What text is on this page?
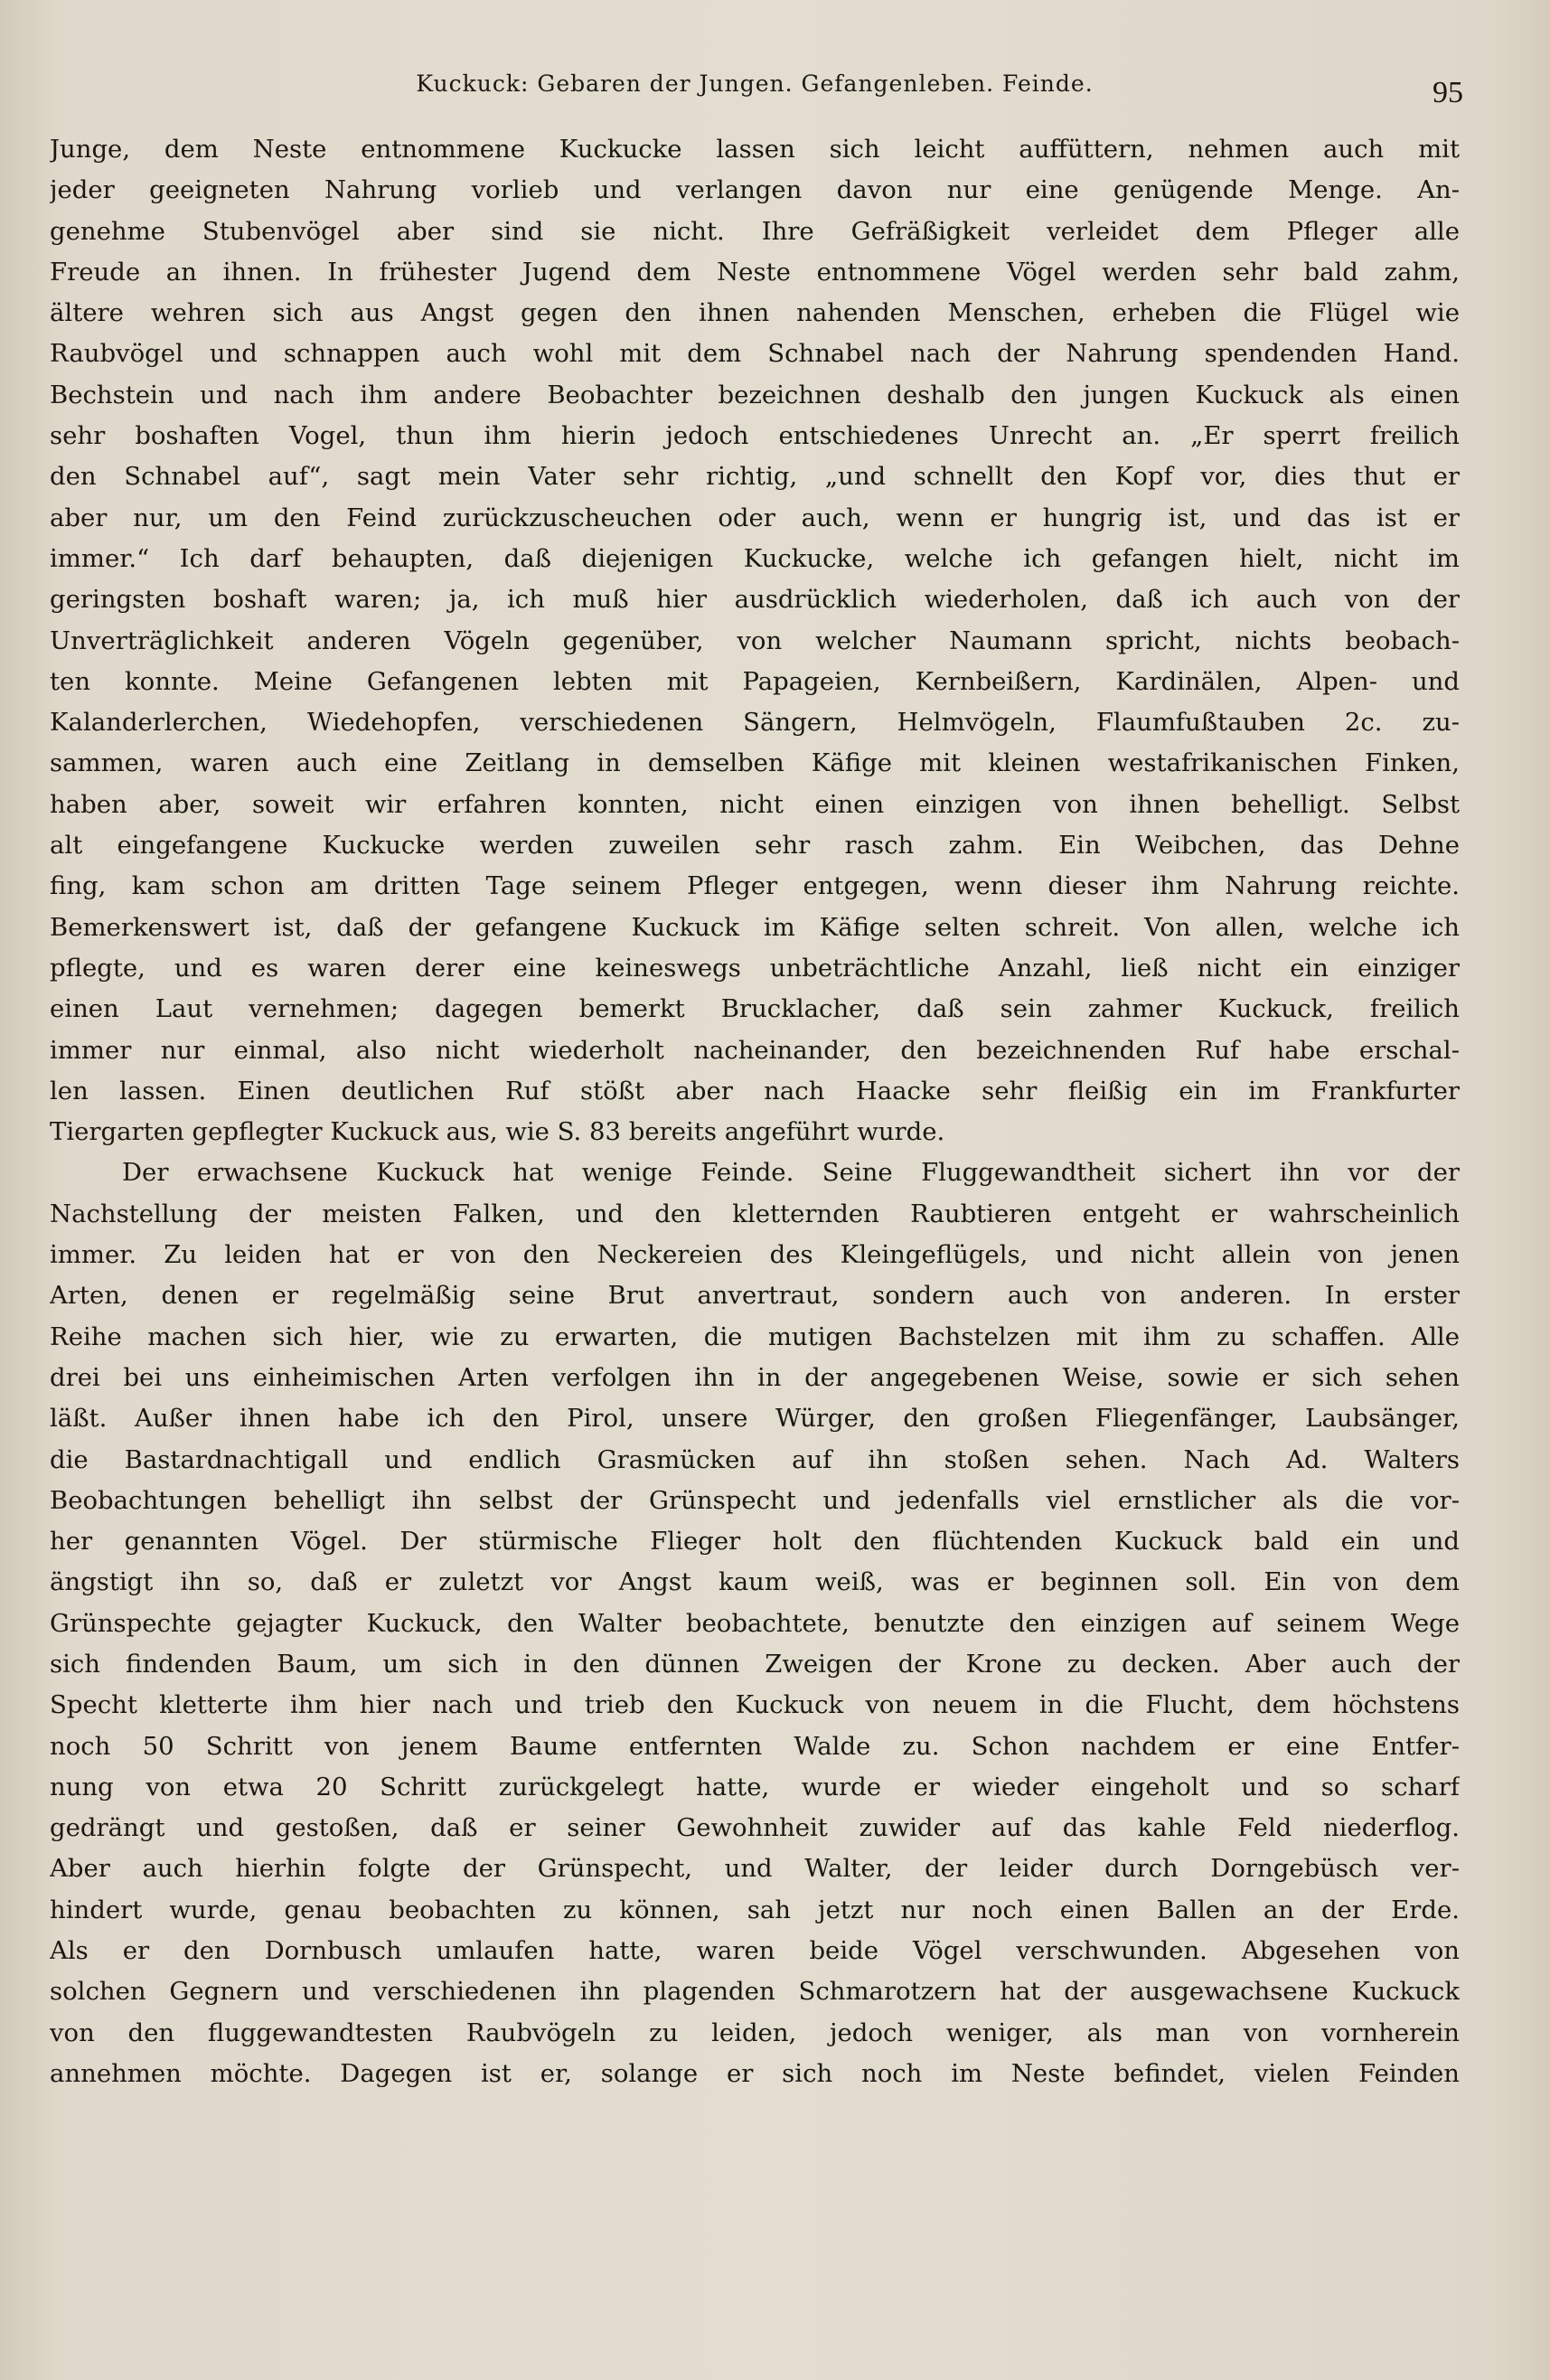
Kuckuck: Gebaren der Jungen. Gefangenleben. Feinde.	95
Junge, dem Neste entnommene Kuckucke lassen sich leicht auffüttern, nehmen auch mit
jeder geeigneten Nahrung vorlieb und verlangen davon nur eine genügende Menge. An-
genehme Stubenvögel aber sind sie nicht. Ihre Gefräßigkeit verleidet dem Pfleger alle
Freude an ihnen. In frühester Jugend dem Neste entnommene Vögel werden sehr bald zahm,
ältere wehren sich aus Angst gegen den ihnen nahenden Menschen, erheben die Flügel wie
Raubvögel und schnappen auch wohl mit dem Schnabel nach der Nahrung spendenden Hand.
Bechstein und nach ihm andere Beobachter bezeichnen deshalb den jungen Kuckuck als einen
sehr boshaften Vogel, thun ihm hierin jedoch entschiedenes Unrecht an. „Er sperrt freilich
den Schnabel auf“, sagt mein Vater sehr richtig, „und schnellt den Kopf vor, dies thut er
aber nur, um den Feind zurückzuscheuchen oder auch, wenn er hungrig ist, und das ist er
immer.“ Ich darf behaupten, daß diejenigen Kuckucke, welche ich gefangen hielt, nicht im
geringsten boshaft waren; ja, ich muß hier ausdrücklich wiederholen, daß ich auch von der
Unverträglichkeit anderen Vögeln gegenüber, von welcher Naumann spricht, nichts beobach-
ten konnte. Meine Gefangenen lebten mit Papageien, Kernbeißern, Kardinälen, Alpen- und
Kalanderlerchen, Wiedehopfen, verschiedenen Sängern, Helmvögeln, Flaumfußtauben 2c. zu-
sammen, waren auch eine Zeitlang in demselben Käfige mit kleinen westafrikanischen Finken,
haben aber, soweit wir erfahren konnten, nicht einen einzigen von ihnen behelligt. Selbst
alt eingefangene Kuckucke werden zuweilen sehr rasch zahm. Ein Weibchen, das Dehne
fing, kam schon am dritten Tage seinem Pfleger entgegen, wenn dieser ihm Nahrung reichte.
Bemerkenswert ist, daß der gefangene Kuckuck im Käfige selten schreit. Von allen, welche ich
pflegte, und es waren derer eine keineswegs unbeträchtliche Anzahl, ließ nicht ein einziger
einen Laut vernehmen; dagegen bemerkt Brucklacher, daß sein zahmer Kuckuck, freilich
immer nur einmal, also nicht wiederholt nacheinander, den bezeichnenden Ruf habe erschal-
len lassen. Einen deutlichen Ruf stößt aber nach Haacke sehr fleißig ein im Frankfurter
Tiergarten gepflegter Kuckuck aus, wie S. 83 bereits angeführt wurde.
Der erwachsene Kuckuck hat wenige Feinde. Seine Fluggewandtheit sichert ihn vor der
Nachstellung der meisten Falken, und den kletternden Raubtieren entgeht er wahrscheinlich
immer. Zu leiden hat er von den Neckereien des Kleingeflügels, und nicht allein von jenen
Arten, denen er regelmäßig seine Brut anvertraut, sondern auch von anderen. In erster
Reihe machen sich hier, wie zu erwarten, die mutigen Bachstelzen mit ihm zu schaffen. Alle
drei bei uns einheimischen Arten verfolgen ihn in der angegebenen Weise, sowie er sich sehen
läßt. Außer ihnen habe ich den Pirol, unsere Würger, den großen Fliegenfänger, Laubsänger,
die Bastardnachtigall und endlich Grasmücken auf ihn stoßen sehen. Nach Ad. Walters
Beobachtungen behelligt ihn selbst der Grünspecht und jedenfalls viel ernstlicher als die vor-
her genannten Vögel. Der stürmische Flieger holt den flüchtenden Kuckuck bald ein und
ängstigt ihn so, daß er zuletzt vor Angst kaum weiß, was er beginnen soll. Ein von dem
Grünspechte gejagter Kuckuck, den Walter beobachtete, benutzte den einzigen auf seinem Wege
sich findenden Baum, um sich in den dünnen Zweigen der Krone zu decken. Aber auch der
Specht kletterte ihm hier nach und trieb den Kuckuck von neuem in die Flucht, dem höchstens
noch 50 Schritt von jenem Baume entfernten Walde zu. Schon nachdem er eine Entfer-
nung von etwa 20 Schritt zurückgelegt hatte, wurde er wieder eingeholt und so scharf
gedrängt und gestoßen, daß er seiner Gewohnheit zuwider auf das kahle Feld niederflog.
Aber auch hierhin folgte der Grünspecht, und Walter, der leider durch Dorngebüsch ver-
hindert wurde, genau beobachten zu können, sah jetzt nur noch einen Ballen an der Erde.
Als er den Dornbusch umlaufen hatte, waren beide Vögel verschwunden. Abgesehen von
solchen Gegnern und verschiedenen ihn plagenden Schmarotzern hat der ausgewachsene Kuckuck
von den fluggewandtesten Raubvögeln zu leiden, jedoch weniger, als man von vornherein
annehmen möchte. Dagegen ist er, solange er sich noch im Neste befindet, vielen Feinden
